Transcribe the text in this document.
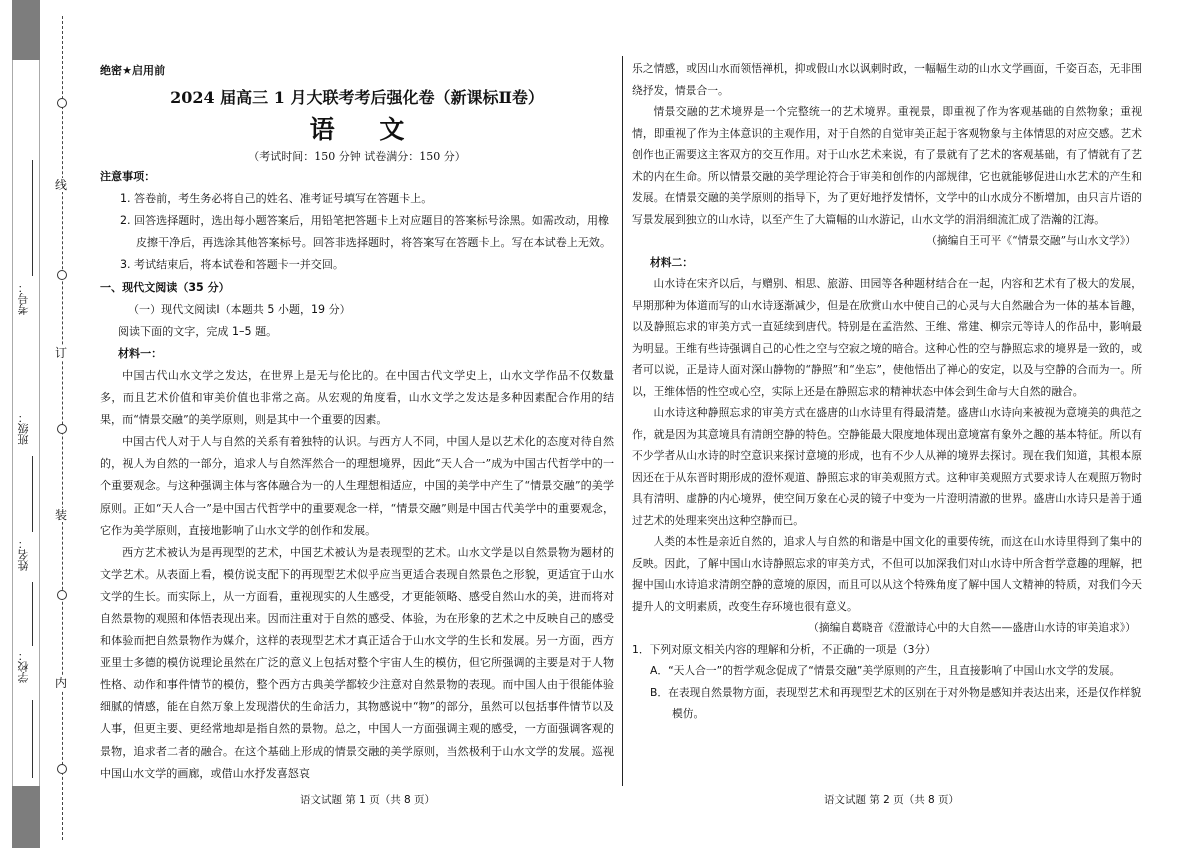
学校：
姓名：
班级：
考号：
线
订
装
内
绝密★启用前
2024 届高三 1 月大联考考后强化卷（新课标Ⅱ卷）
语 文
（考试时间：150 分钟 试卷满分：150 分）
注意事项：
1. 答卷前，考生务必将自己的姓名、准考证号填写在答题卡上。
2. 回答选择题时，选出每小题答案后，用铅笔把答题卡上对应题目的答案标号涂黑。如需改动，用橡皮擦干净后，再选涂其他答案标号。回答非选择题时，将答案写在答题卡上。写在本试卷上无效。
3. 考试结束后，将本试卷和答题卡一并交回。
一、现代文阅读（35 分）
（一）现代文阅读Ⅰ（本题共 5 小题，19 分）
阅读下面的文字，完成 1–5 题。
材料一：

中国古代山水文学之发达，在世界上是无与伦比的。在中国古代文学史上，山水文学作品不仅数量多，而且艺术价值和审美价值也非常之高。从宏观的角度看，山水文学之发达是多种因素配合作用的结果，而“情景交融”的美学原则，则是其中一个重要的因素。

中国古代人对于人与自然的关系有着独特的认识。与西方人不同，中国人是以艺术化的态度对待自然的，视人为自然的一部分，追求人与自然浑然合一的理想境界，因此“天人合一”成为中国古代哲学中的一个重要观念。与这种强调主体与客体融合为一的人生理想相适应，中国的美学中产生了“情景交融”的美学原则。正如“天人合一”是中国古代哲学中的重要观念一样，“情景交融”则是中国古代美学中的重要观念，它作为美学原则，直接地影响了山水文学的创作和发展。

西方艺术被认为是再现型的艺术，中国艺术被认为是表现型的艺术。山水文学是以自然景物为题材的文学艺术。从表面上看，模仿说支配下的再现型艺术似乎应当更适合表现自然景色之形貌，更适宜于山水文学的生长。而实际上，从一方面看，重视现实的人生感受，才更能领略、感受自然山水的美，进而将对自然景物的观照和体悟表现出来。因而注重对于自然的感受、体验，为在形象的艺术之中反映自己的感受和体验而把自然景物作为媒介，这样的表现型艺术才真正适合于山水文学的生长和发展。另一方面，西方亚里士多德的模仿说理论虽然在广泛的意义上包括对整个宇宙人生的模仿，但它所强调的主要是对于人物性格、动作和事件情节的模仿，整个西方古典美学都较少注意对自然景物的表现。而中国人由于很能体验细腻的情感，能在自然万象上发现潜伏的生命活力，其物感说中“物”的部分，虽然可以包括事件情节以及人事，但更主要、更经常地却是指自然的景物。总之，中国人一方面强调主观的感受，一方面强调客观的景物，追求者二者的融合。在这个基础上形成的情景交融的美学原则，当然极利于山水文学的发展。巡视中国山水文学的画廊，或借山水抒发喜怒哀

乐之情感，或因山水而领悟禅机，抑或假山水以讽刺时政，一幅幅生动的山水文学画面，千姿百态，无非围绕抒发，情景合一。

情景交融的艺术境界是一个完整统一的艺术境界。重视景，即重视了作为客观基础的自然物象；重视情，即重视了作为主体意识的主观作用，对于自然的自觉审美正起于客观物象与主体情思的对应交感。艺术创作也正需要这主客双方的交互作用。对于山水艺术来说，有了景就有了艺术的客观基础，有了情就有了艺术的内在生命。所以情景交融的美学理论符合于审美和创作的内部规律，它也就能够促进山水艺术的产生和发展。在情景交融的美学原则的指导下，为了更好地抒发情怀，文学中的山水成分不断增加，由只言片语的写景发展到独立的山水诗，以至产生了大篇幅的山水游记，山水文学的涓涓细流汇成了浩瀚的江海。

（摘编自王可平《“情景交融”与山水文学》）
材料二：

山水诗在宋齐以后，与赠别、相思、旅游、田园等各种题材结合在一起，内容和艺术有了极大的发展，早期那种为体道而写的山水诗逐渐减少，但是在欣赏山水中使自己的心灵与大自然融合为一体的基本旨趣，以及静照忘求的审美方式一直延续到唐代。特别是在孟浩然、王维、常建、柳宗元等诗人的作品中，影响最为明显。王维有些诗强调自己的心性之空与空寂之境的暗合。这种心性的空与静照忘求的境界是一致的，或者可以说，正是诗人面对深山静物的“静照”和“坐忘”，使他悟出了禅心的安定，以及与空静的合而为一。所以，王维体悟的性空或心空，实际上还是在静照忘求的精神状态中体会到生命与大自然的融合。

山水诗这种静照忘求的审美方式在盛唐的山水诗里有得最清楚。盛唐山水诗向来被视为意境美的典范之作，就是因为其意境具有清朗空静的特色。空静能最大限度地体现出意境富有象外之趣的基本特征。所以有不少学者从山水诗的时空意识来探讨意境的形成，也有不少人从禅的境界去探讨。现在我们知道，其根本原因还在于从东晋时期形成的澄怀观道、静照忘求的审美观照方式。这种审美观照方式要求诗人在观照万物时具有清明、虚静的内心境界，使空间万象在心灵的镜子中变为一片澄明清澈的世界。盛唐山水诗只是善于通过艺术的处理来突出这种空静而已。

人类的本性是亲近自然的，追求人与自然的和谐是中国文化的重要传统，而这在山水诗里得到了集中的反映。因此，了解中国山水诗静照忘求的审美方式，不但可以加深我们对山水诗中所含哲学意趣的理解，把握中国山水诗追求清朗空静的意境的原因，而且可以从这个特殊角度了解中国人文精神的特质，对我们今天提升人的文明素质，改变生存环境也很有意义。

（摘编自葛晓音《澄澈诗心中的大自然——盛唐山水诗的审美追求》）
1．下列对原文相关内容的理解和分析，不正确的一项是（3分）
A．“天人合一”的哲学观念促成了“情景交融”美学原则的产生，且直接影响了中国山水文学的发展。
B．在表现自然景物方面，表现型艺术和再现型艺术的区别在于对外物是感知并表达出来，还是仅作样貌
模仿。
语文试题 第 1 页（共 8 页）	语文试题 第 2 页（共 8 页）
